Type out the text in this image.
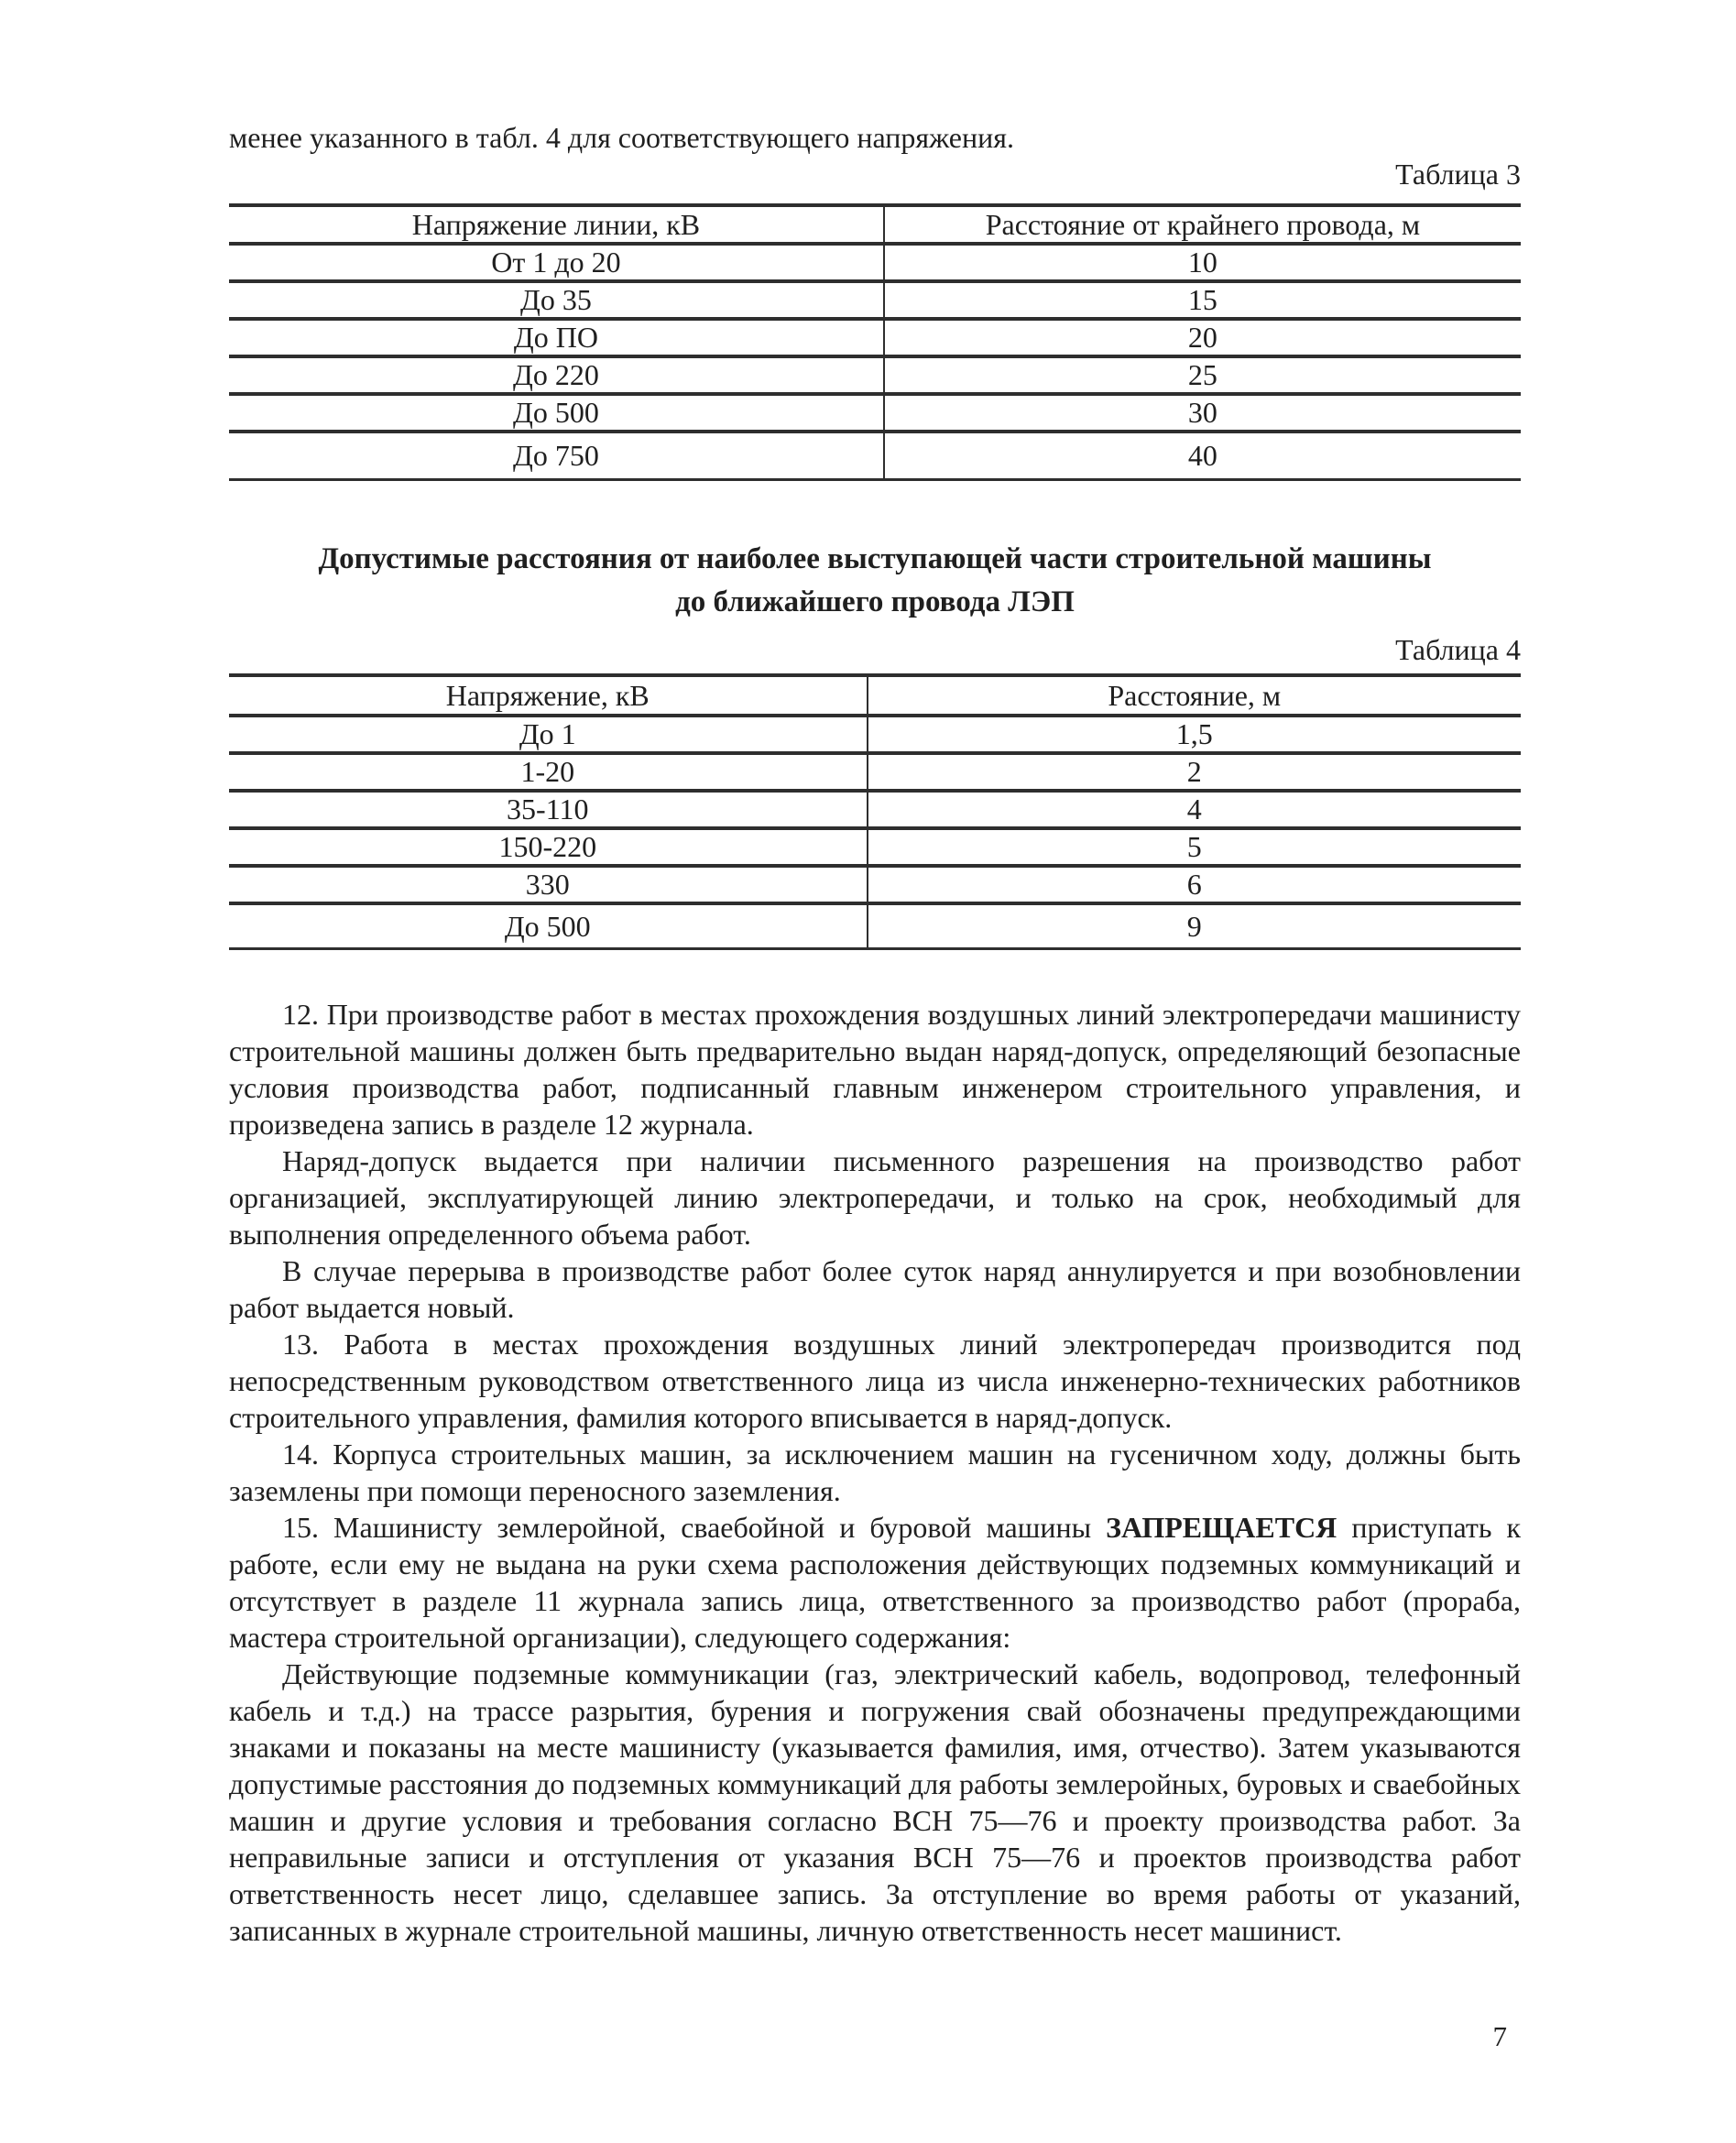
менее указанного в табл. 4 для соответствующего напряжения.

Таблица 3
Напряжение линии, кВ	Расстояние от крайнего провода, м
От 1 до 20	10
До 35	15
До ПО	20
До 220	25
До 500	30
До 750	40
Допустимые расстояния от наиболее выступающей части строительной машины
до ближайшего провода ЛЭП
Таблица 4
Напряжение, кВ	Расстояние, м
До 1	1,5
1-20	2
35-110	4
150-220	5
330	6
До 500	9

12. При производстве работ в местах прохождения воздушных линий электропередачи машинисту строительной машины должен быть предварительно выдан наряд-допуск, определяющий безопасные условия производства работ, подписанный главным инженером строительного управления, и произведена запись в разделе 12 журнала.

Наряд-допуск выдается при наличии письменного разрешения на производство работ организацией, эксплуатирующей линию электропередачи, и только на срок, необходимый для выполнения определенного объема работ.

В случае перерыва в производстве работ более суток наряд аннулируется и при возобновлении работ выдается новый.

13. Работа в местах прохождения воздушных линий электропередач производится под непосредственным руководством ответственного лица из числа инженерно-технических работников строительного управления, фамилия которого вписывается в наряд-допуск.

14. Корпуса строительных машин, за исключением машин на гусеничном ходу, должны быть заземлены при помощи переносного заземления.

15. Машинисту землеройной, сваебойной и буровой машины ЗАПРЕЩАЕТСЯ приступать к работе, если ему не выдана на руки схема расположения действующих подземных коммуникаций и отсутствует в разделе 11 журнала запись лица, ответственного за производство работ (прораба, мастера строительной организации), следующего содержания:

Действующие подземные коммуникации (газ, электрический кабель, водопровод, телефонный кабель и т.д.) на трассе разрытия, бурения и погружения свай обозначены предупреждающими знаками и показаны на месте машинисту (указывается фамилия, имя, отчество). Затем указываются допустимые расстояния до подземных коммуникаций для работы землеройных, буровых и сваебойных машин и другие условия и требования согласно ВСН 75—76 и проекту производства работ. За неправильные записи и отступления от указания ВСН 75—76 и проектов производства работ ответственность несет лицо, сделавшее запись. За отступление во время работы от указаний, записанных в журнале строительной машины, личную ответственность несет машинист.

7
